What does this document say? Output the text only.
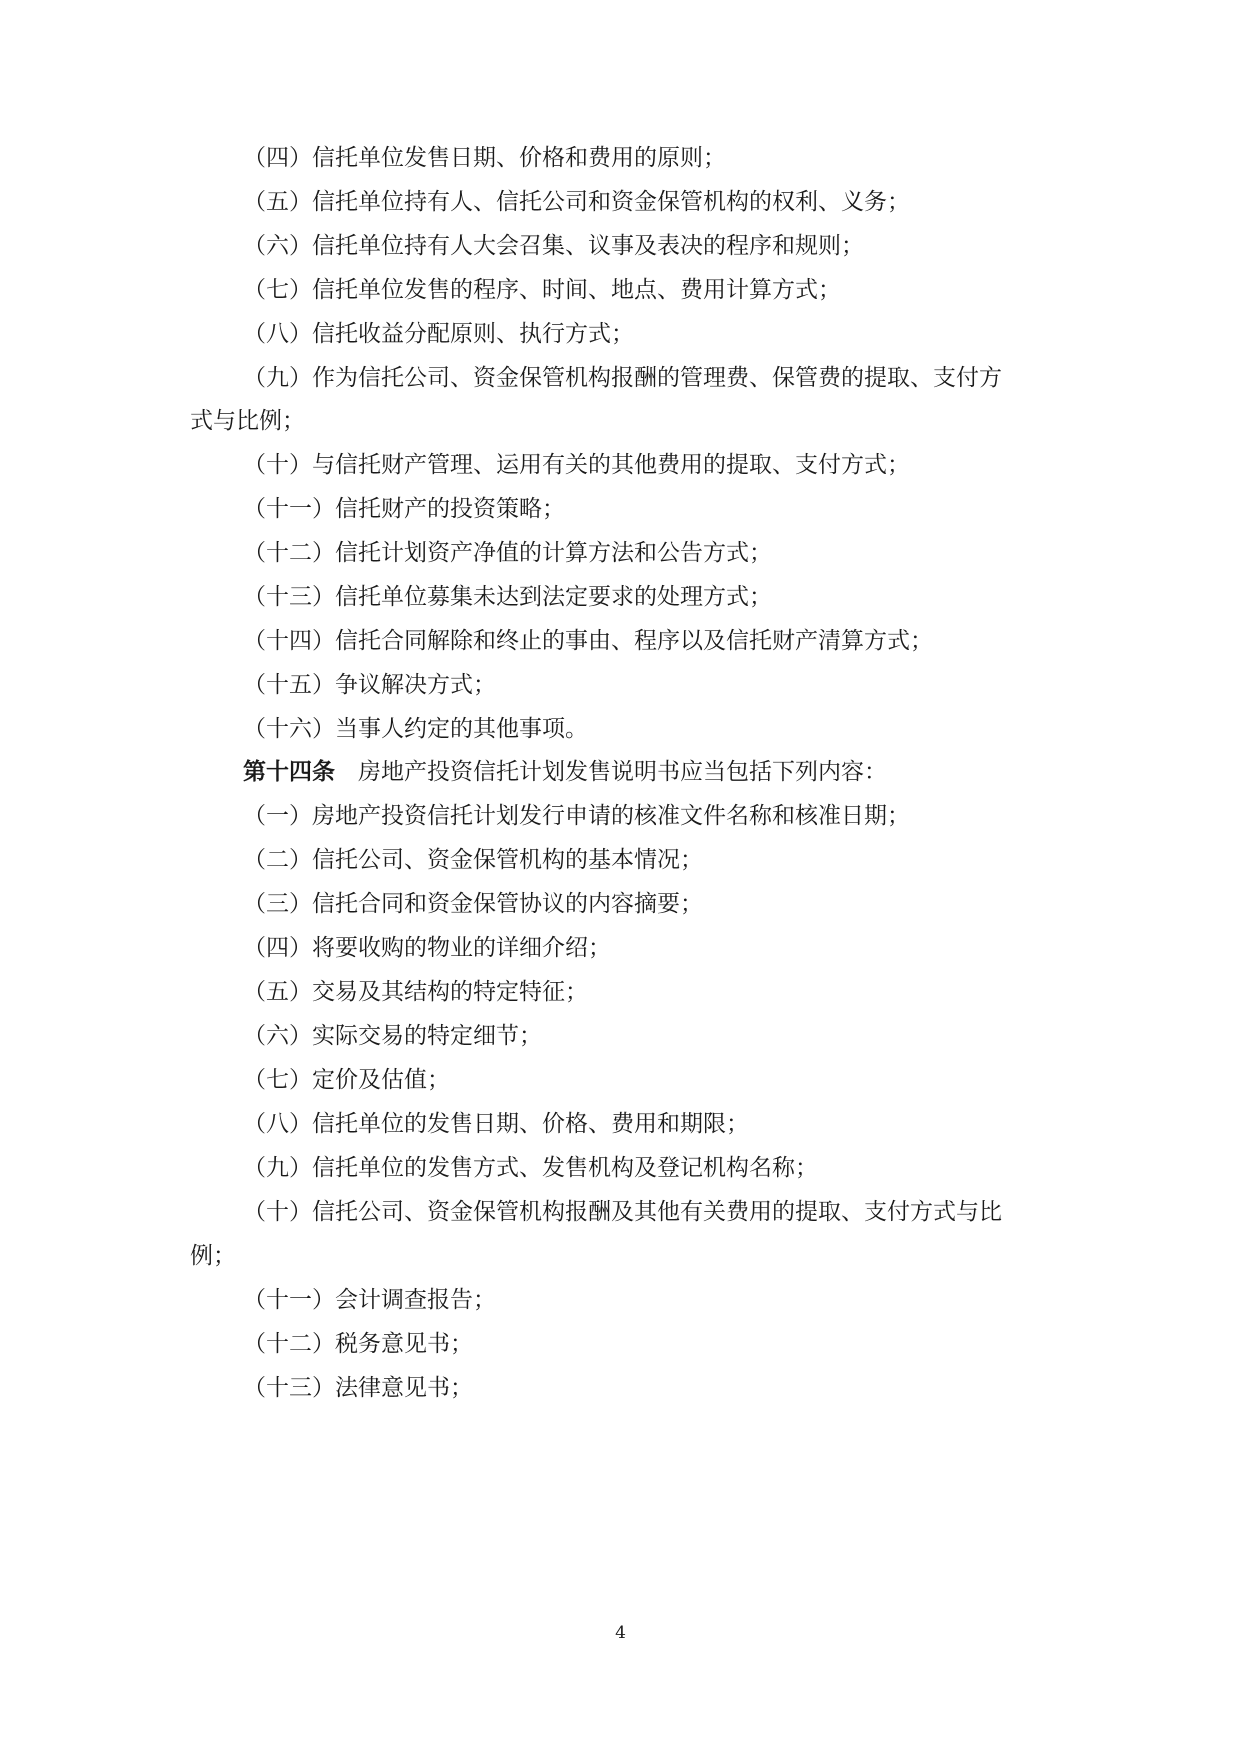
（四）信托单位发售日期、价格和费用的原则；
（五）信托单位持有人、信托公司和资金保管机构的权利、义务；
（六）信托单位持有人大会召集、议事及表决的程序和规则；
（七）信托单位发售的程序、时间、地点、费用计算方式；
（八）信托收益分配原则、执行方式；
（九）作为信托公司、资金保管机构报酬的管理费、保管费的提取、支付方
式与比例；
（十）与信托财产管理、运用有关的其他费用的提取、支付方式；
（十一）信托财产的投资策略；
（十二）信托计划资产净值的计算方法和公告方式；
（十三）信托单位募集未达到法定要求的处理方式；
（十四）信托合同解除和终止的事由、程序以及信托财产清算方式；
（十五）争议解决方式；
（十六）当事人约定的其他事项。
第十四条 房地产投资信托计划发售说明书应当包括下列内容：
（一）房地产投资信托计划发行申请的核准文件名称和核准日期；
（二）信托公司、资金保管机构的基本情况；
（三）信托合同和资金保管协议的内容摘要；
（四）将要收购的物业的详细介绍；
（五）交易及其结构的特定特征；
（六）实际交易的特定细节；
（七）定价及估值；
（八）信托单位的发售日期、价格、费用和期限；
（九）信托单位的发售方式、发售机构及登记机构名称；
（十）信托公司、资金保管机构报酬及其他有关费用的提取、支付方式与比
例；
（十一）会计调查报告；
（十二）税务意见书；
（十三）法律意见书；
4
